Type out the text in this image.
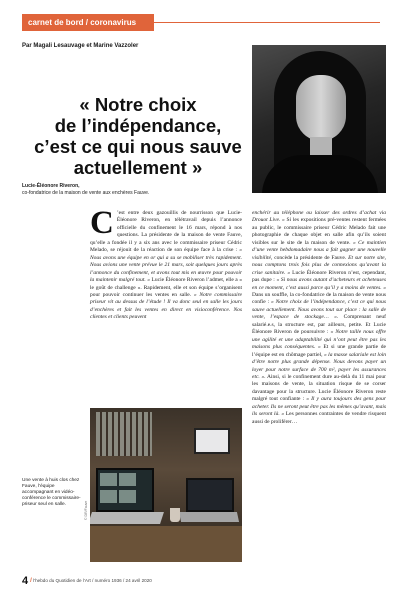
carnet de bord / coronavirus
Par Magali Lesauvage et Marine Vazzoler
« Notre choix
de l’indépendance,
c’est ce qui nous sauve
actuellement »
Lucie-Éléonore Riveron,
co-fondatrice de la maison de vente aux enchères Fauve.

C ’est entre deux gazouillis de nourrisson que Lucie-Éléonore Riveron, en télétravail depuis l’annonce officielle du confinement le 16 mars, répond à nos questions. La présidente de la maison de vente Fauve, qu’elle a fondée il y a six ans avec le commissaire priseur Cédric Melado, se réjouit de la réaction de son équipe face à la crise : « Nous avons une équipe en or qui a su se mobiliser très rapidement. Nous avions une vente prévue le 21 mars, soit quelques jours après l’annonce du confinement, et avons tout mis en œuvre pour pouvoir la maintenir malgré tout. » Lucie Éléonore Riveron l’admet, elle a « le goût de challenge ». Rapidement, elle et son équipe s’organisent pour pouvoir continuer les ventes en salle. « Notre commissaire priseur vit au dessus de l’étude ! Il va donc seul en salle les jours d’enchères et fait les ventes en direct en visioconférence. Nos clientes et clients peuvent

enchérir au téléphone ou laisser des ordres d’achat via Drouot Live. » Si les expositions pré-ventes restent fermées au public, le commissaire priseur Cédric Melado fait une photographie de chaque objet en salle afin qu’ils soient visibles sur le site de la maison de vente. « Ce maintien d’une vente hebdomadaire nous a fait gagner une nouvelle visibilité, concède la présidente de Fauve. Et sur notre site, nous comptons trois fois plus de connexions qu’avant la crise sanitaire. » Lucie Éléonore Riveron n’est, cependant, pas dupe : « Si nous avons autant d’acheteurs et acheteuses en ce moment, c’est aussi parce qu’il y a moins de ventes. » Dans un souffle, la co-fondatrice de la maison de vente nous confie : « Notre choix de l’indépendance, c’est ce qui nous sauve actuellement. Nous avons tout sur place : la salle de vente, l’espace de stockage… ». Comprenant neuf salarié.e.s, la structure est, par ailleurs, petite. Et Lucie Éléonore Riveron de poursuivre : « Notre taille nous offre une agilité et une adaptabilité qui n’ont peut être pas les maisons plus conséquentes. » Et si une grande partie de l’équipe est en chômage partiel, « la masse salariale est loin d’être notre plus grande dépense. Nous devons payer un loyer pour notre surface de 700 m², payer les assurances etc. ». Ainsi, si le confinement dure au-delà du 11 mai pour les maisons de vente, la situation risque de se corser davantage pour la structure. Lucie Éléonore Riveron reste malgré tout confiante : « Il y aura toujours des gens pour acheter. Ils ne seront peut être pas les mêmes qu’avant, mais ils seront là. » Les personnes contraintes de vendre risquent aussi de proliférer…

© DR/Fauve
Une vente à huis clos chez Fauve, l’équipe accompagnant en vidéo-conférence le commissaire-priseur seul en salle.
4 / l’hebdo du Quotidien de l’Art / numéro 1936 / 24 avril 2020
